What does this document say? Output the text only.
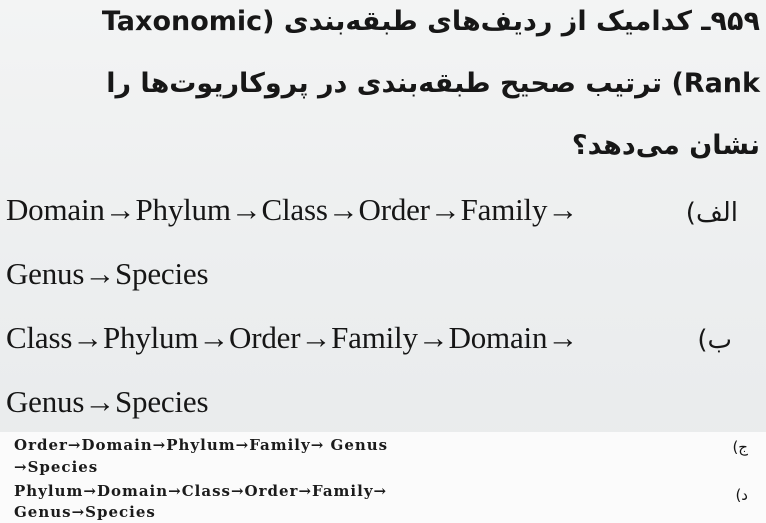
۹۵۹ـ کدامیک از ردیف‌های طبقه‌بندی (Taxonomic
Rank) ترتیب صحیح طبقه‌بندی در پروکاریوت‌ها را
نشان می‌دهد؟
الف)
Domain→Phylum→Class→Order→Family→
Genus→Species
ب)
Class→Phylum→Order→Family→Domain→
Genus→Species
ج)
Order→Domain→Phylum→Family→ Genus
→Species
د)
Phylum→Domain→Class→Order→Family→
Genus→Species
